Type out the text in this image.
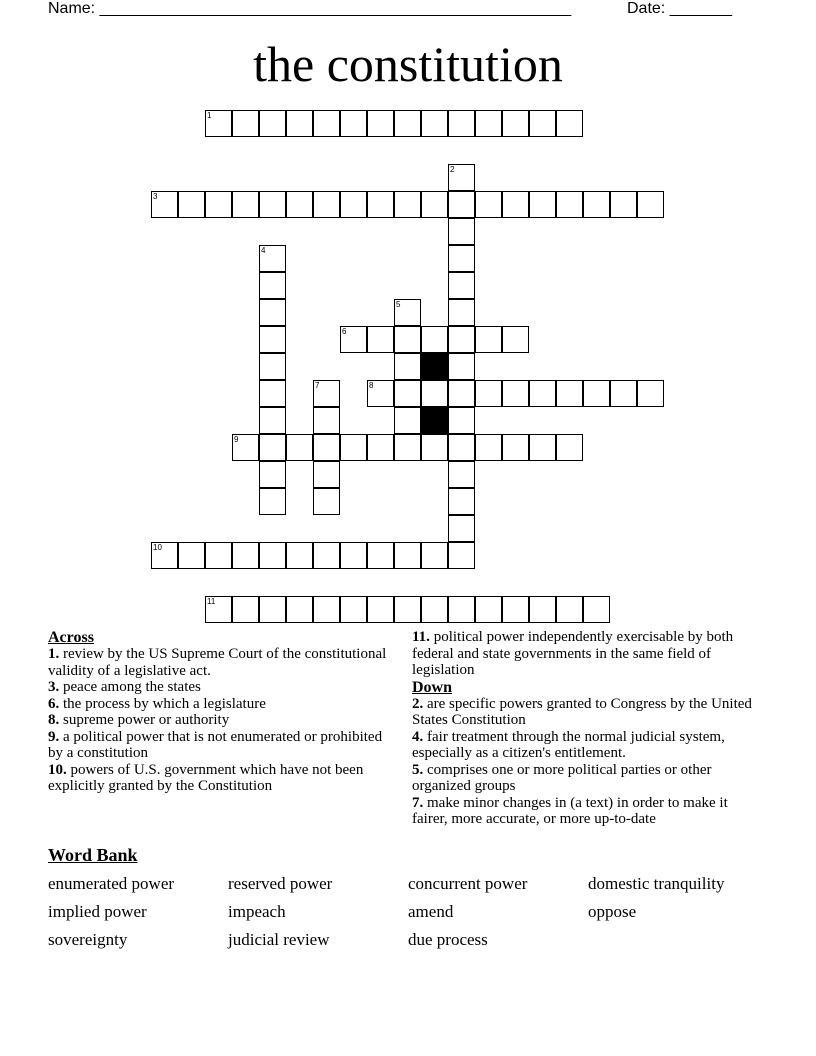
Name: _____________________________________________________	Date: _______
the constitution
1
3
6
8
9
10
11
2
4
5
7
Across
1. review by the US Supreme Court of the constitutional validity of a legislative act.
3. peace among the states
6. the process by which a legislature
8. supreme power or authority
9. a political power that is not enumerated or prohibited by a constitution
10. powers of U.S. government which have not been explicitly granted by the Constitution
11. political power independently exercisable by both federal and state governments in the same field of legislation
Down
2. are specific powers granted to Congress by the United States Constitution
4. fair treatment through the normal judicial system, especially as a citizen's entitlement.
5. comprises one or more political parties or other organized groups
7. make minor changes in (a text) in order to make it fairer, more accurate, or more up-to-date
Word Bank
enumerated power	reserved power	concurrent power	domestic tranquility
implied power	impeach	amend	oppose
sovereignty	judicial review	due process
